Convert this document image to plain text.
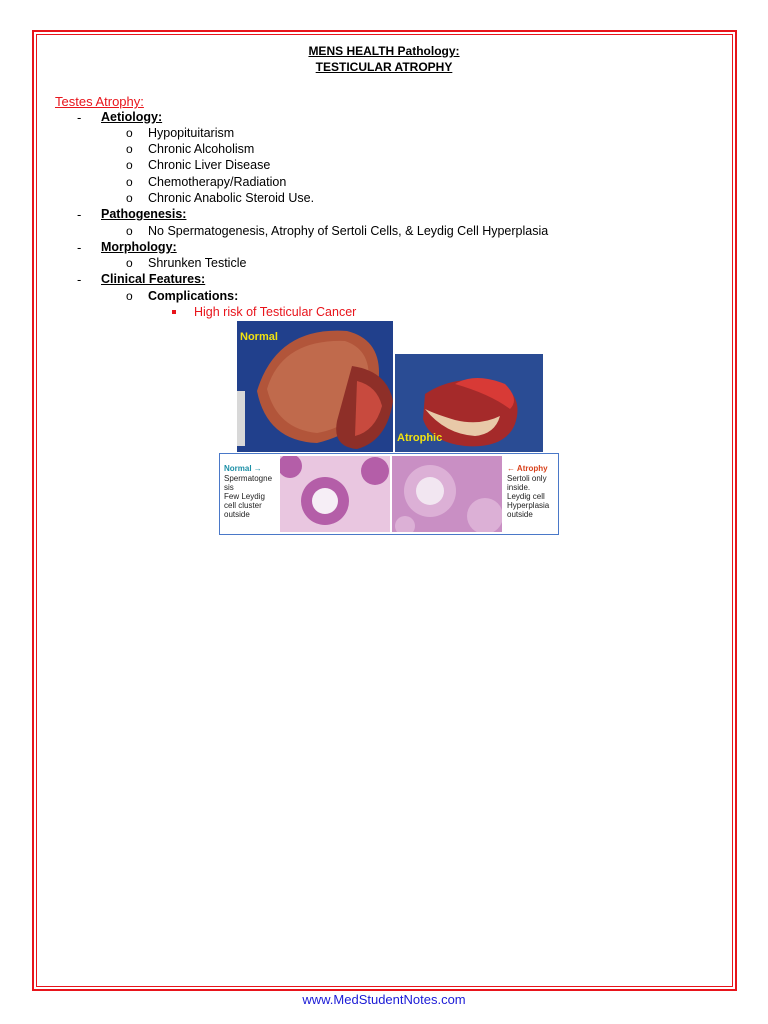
MENS HEALTH Pathology:
TESTICULAR ATROPHY
Testes Atrophy:
- Aetiology:
o Hypopituitarism
o Chronic Alcoholism
o Chronic Liver Disease
o Chemotherapy/Radiation
o Chronic Anabolic Steroid Use.
- Pathogenesis:
o No Spermatogenesis, Atrophy of Sertoli Cells, & Leydig Cell Hyperplasia
- Morphology:
o Shrunken Testicle
- Clinical Features:
o Complications:
High risk of Testicular Cancer
Normal
Atrophic
Normal →
Spermatogne
sis
Few Leydig
cell cluster
outside
← Atrophy
Sertoli only
inside.
Leydig cell
Hyperplasia
outside
www.MedStudentNotes.com
